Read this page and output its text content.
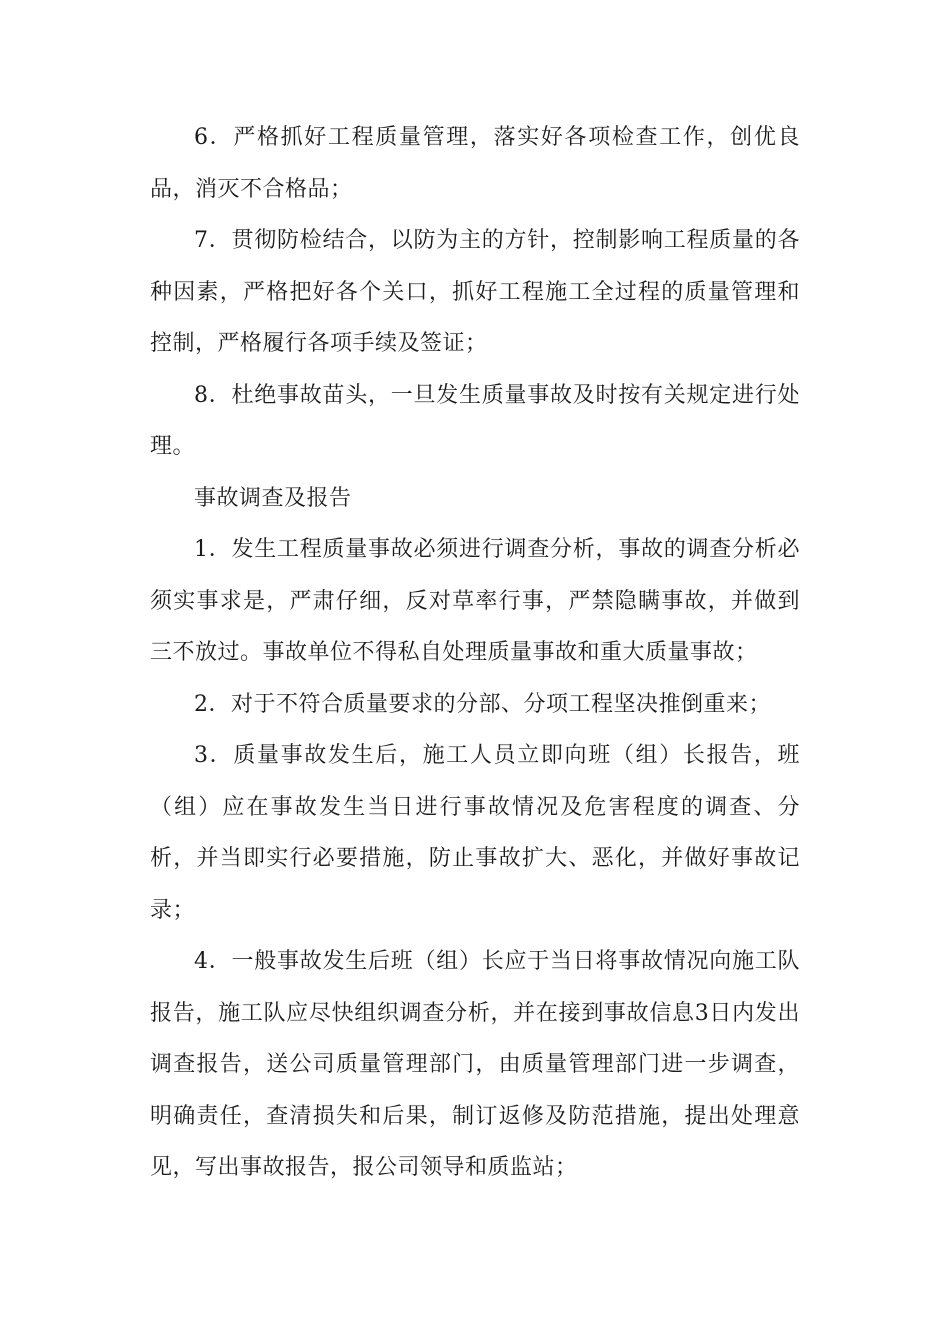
6．严格抓好工程质量管理，落实好各项检查工作，创优良品，消灭不合格品；

7．贯彻防检结合，以防为主的方针，控制影响工程质量的各种因素，严格把好各个关口，抓好工程施工全过程的质量管理和控制，严格履行各项手续及签证；

8．杜绝事故苗头，一旦发生质量事故及时按有关规定进行处理。

事故调查及报告

1．发生工程质量事故必须进行调查分析，事故的调查分析必须实事求是，严肃仔细，反对草率行事，严禁隐瞒事故，并做到三不放过。事故单位不得私自处理质量事故和重大质量事故；

2．对于不符合质量要求的分部、分项工程坚决推倒重来；

3．质量事故发生后，施工人员立即向班（组）长报告，班（组）应在事故发生当日进行事故情况及危害程度的调查、分析，并当即实行必要措施，防止事故扩大、恶化，并做好事故记录；

4．一般事故发生后班（组）长应于当日将事故情况向施工队报告，施工队应尽快组织调查分析，并在接到事故信息3日内发出调查报告，送公司质量管理部门，由质量管理部门进一步调查，明确责任，查清损失和后果，制订返修及防范措施，提出处理意见，写出事故报告，报公司领导和质监站；
